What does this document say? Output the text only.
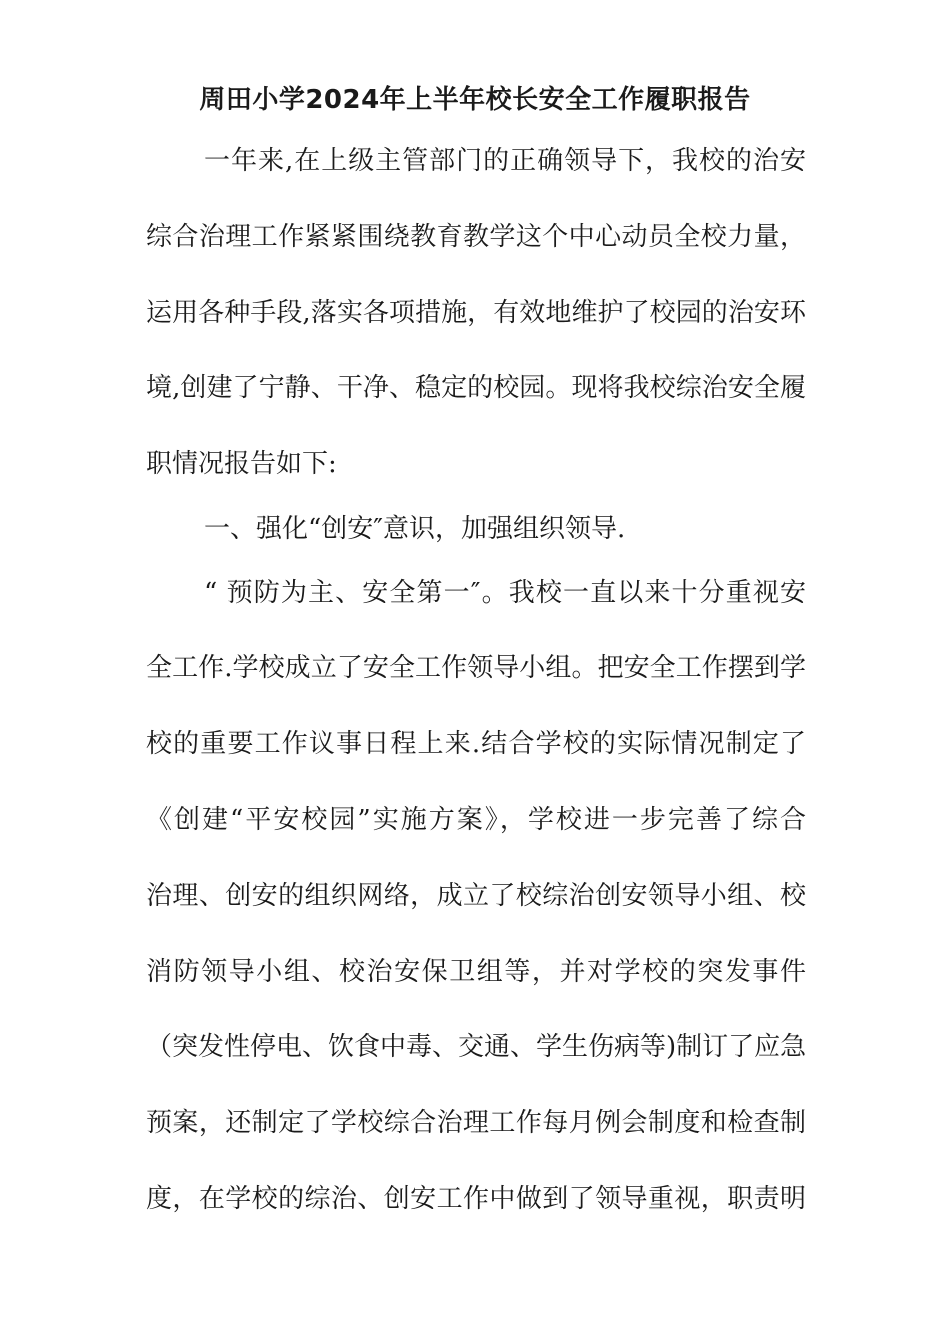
周田小学2024年上半年校长安全工作履职报告
一年来,在上级主管部门的正确领导下，我校的治安
综合治理工作紧紧围绕教育教学这个中心动员全校力量，
运用各种手段,落实各项措施，有效地维护了校园的治安环
境,创建了宁静、干净、稳定的校园。现将我校综治安全履
职情况报告如下:
一、强化“创安″意识，加强组织领导.
“ 预防为主、安全第一″。我校一直以来十分重视安
全工作.学校成立了安全工作领导小组。把安全工作摆到学
校的重要工作议事日程上来.结合学校的实际情况制定了
《创建“平安校园”实施方案》，学校进一步完善了综合
治理、创安的组织网络，成立了校综治创安领导小组、校
消防领导小组、校治安保卫组等，并对学校的突发事件
（突发性停电、饮食中毒、交通、学生伤病等)制订了应急
预案，还制定了学校综合治理工作每月例会制度和检查制
度，在学校的综治、创安工作中做到了领导重视，职责明
